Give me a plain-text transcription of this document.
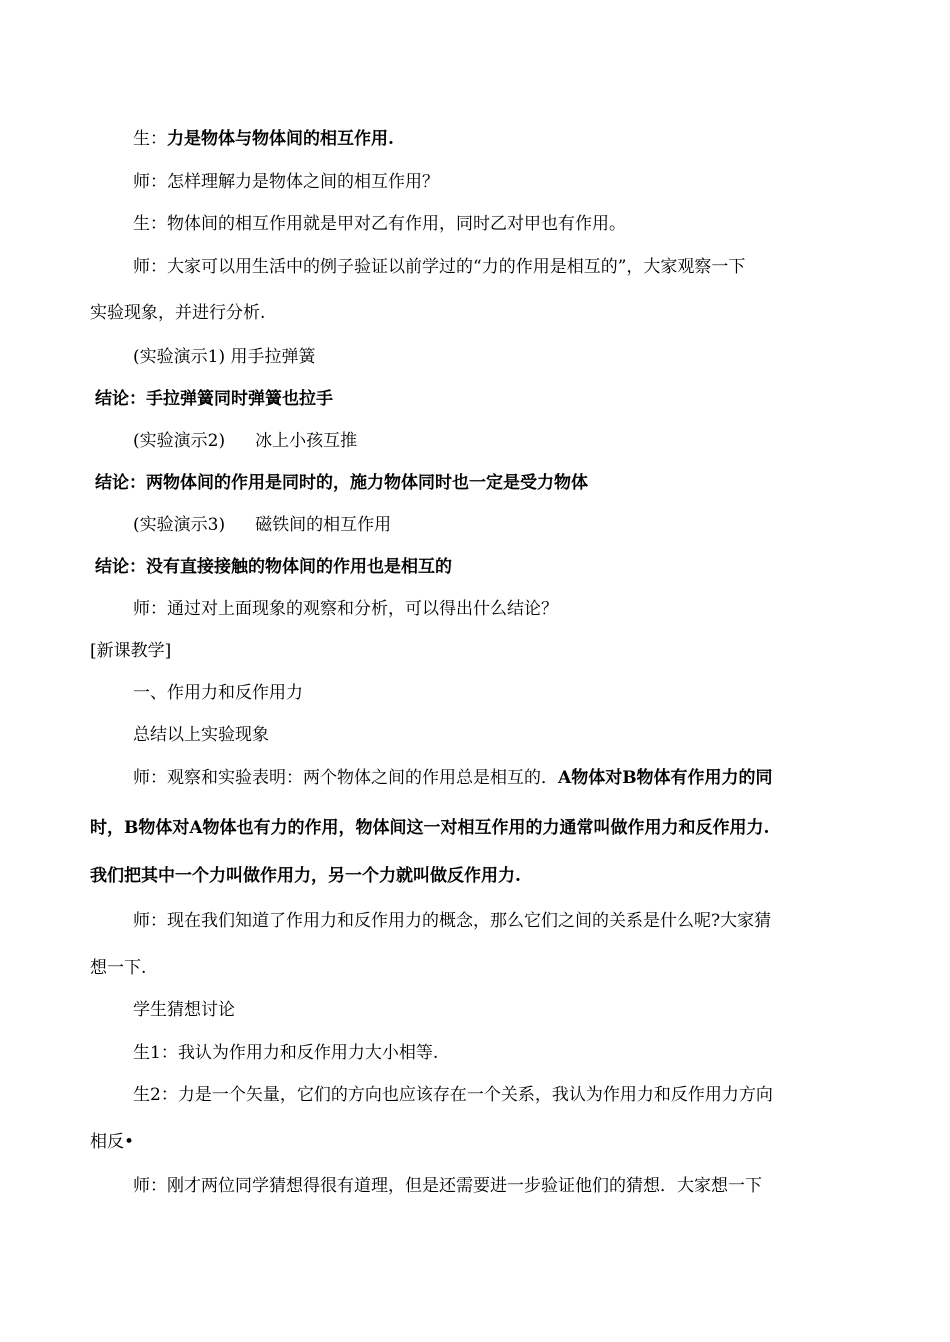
生：力是物体与物体间的相互作用.
师：怎样理解力是物体之间的相互作用？
生：物体间的相互作用就是甲对乙有作用，同时乙对甲也有作用。
师：大家可以用生活中的例子验证以前学过的“力的作用是相互的”，大家观察一下
实验现象，并进行分析.
(实验演示1) 用手拉弹簧
结论：手拉弹簧同时弹簧也拉手
(实验演示2) 冰上小孩互推
结论：两物体间的作用是同时的，施力物体同时也一定是受力物体
(实验演示3) 磁铁间的相互作用
结论：没有直接接触的物体间的作用也是相互的
师：通过对上面现象的观察和分析，可以得出什么结论？
[新课教学]
一、作用力和反作用力
总结以上实验现象
师：观察和实验表明：两个物体之间的作用总是相互的．A物体对B物体有作用力的同
时，B物体对A物体也有力的作用，物体间这一对相互作用的力通常叫做作用力和反作用力.
我们把其中一个力叫做作用力，另一个力就叫做反作用力.
师：现在我们知道了作用力和反作用力的概念，那么它们之间的关系是什么呢?大家猜
想一下.
学生猜想讨论
生1：我认为作用力和反作用力大小相等.
生2：力是一个矢量，它们的方向也应该存在一个关系，我认为作用力和反作用力方向
相反•
师：刚才两位同学猜想得很有道理，但是还需要进一步验证他们的猜想．大家想一下
